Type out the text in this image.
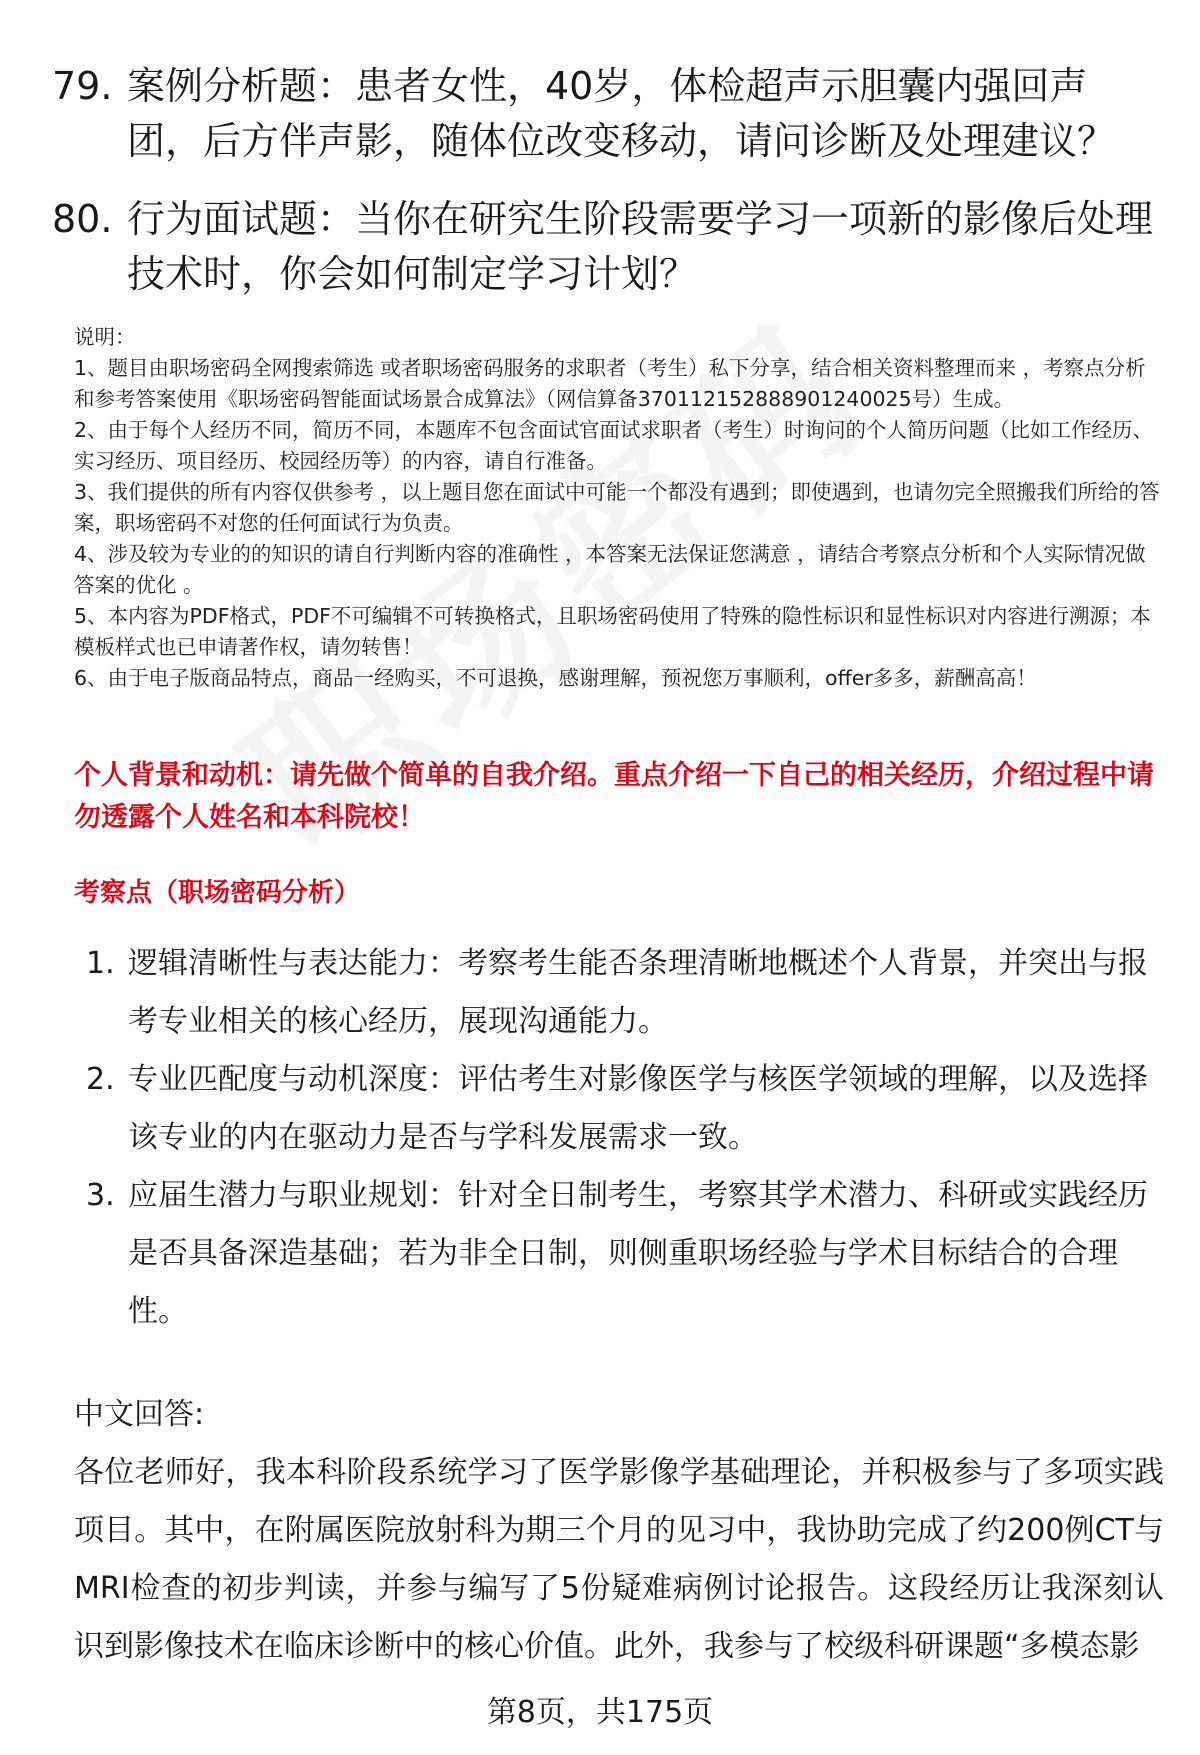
79. 案例分析题：患者女性，40岁，体检超声示胆囊内强回声团，后方伴声影，随体位改变移动，请问诊断及处理建议？
80. 行为面试题：当你在研究生阶段需要学习一项新的影像后处理技术时，你会如何制定学习计划？

说明：

1、题目由职场密码全网搜索筛选 或者职场密码服务的求职者（考生）私下分享，结合相关资料整理而来 ，考察点分析和参考答案使用《职场密码智能面试场景合成算法》（网信算备370112152888901240025号）生成。

2、由于每个人经历不同，简历不同，本题库不包含面试官面试求职者（考生）时询问的个人简历问题（比如工作经历、实习经历、项目经历、校园经历等）的内容，请自行准备。

3、我们提供的所有内容仅供参考 ，以上题目您在面试中可能一个都没有遇到；即使遇到，也请勿完全照搬我们所给的答案，职场密码不对您的任何面试行为负责。

4、涉及较为专业的的知识的请自行判断内容的准确性 ，本答案无法保证您满意 ，请结合考察点分析和个人实际情况做答案的优化 。

5、本内容为PDF格式，PDF不可编辑不可转换格式，且职场密码使用了特殊的隐性标识和显性标识对内容进行溯源；本模板样式也已申请著作权，请勿转售！

6、由于电子版商品特点，商品一经购买，不可退换，感谢理解，预祝您万事顺利，offer多多，薪酬高高！

个人背景和动机：请先做个简单的自我介绍。重点介绍一下自己的相关经历，介绍过程中请勿透露个人姓名和本科院校！
考察点（职场密码分析）
1. 逻辑清晰性与表达能力：考察考生能否条理清晰地概述个人背景，并突出与报考专业相关的核心经历，展现沟通能力。
2. 专业匹配度与动机深度：评估考生对影像医学与核医学领域的理解，以及选择该专业的内在驱动力是否与学科发展需求一致。
3. 应届生潜力与职业规划：针对全日制考生，考察其学术潜力、科研或实践经历是否具备深造基础；若为非全日制，则侧重职场经验与学术目标结合的合理性。
中文回答:
各位老师好，我本科阶段系统学习了医学影像学基础理论，并积极参与了多项实践项目。其中，在附属医院放射科为期三个月的见习中，我协助完成了约200例CT与MRI检查的初步判读，并参与编写了5份疑难病例讨论报告。这段经历让我深刻认识到影像技术在临床诊断中的核心价值。此外，我参与了校级科研课题“多模态影
第8页，共175页
